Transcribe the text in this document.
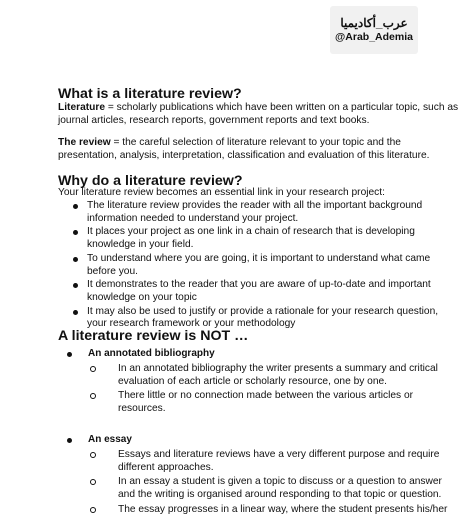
عرب_أكاديميا
@Arab_Ademia
What is a literature review?

Literature = scholarly publications which have been written on a particular topic, such as journal articles, research reports, government reports and text books.

The review = the careful selection of literature relevant to your topic and the presentation, analysis, interpretation, classification and evaluation of this literature.

Why do a literature review?

Your literature review becomes an essential link in your research project:

The literature review provides the reader with all the important background information needed to understand your project.
It places your project as one link in a chain of research that is developing knowledge in your field.
To understand where you are going, it is important to understand what came before you.
It demonstrates to the reader that you are aware of up-to-date and important knowledge on your topic
It may also be used to justify or provide a rationale for your research question, your research framework or your methodology
A literature review is NOT …
An annotated bibliography
In an annotated bibliography the writer presents a summary and critical evaluation of each article or scholarly resource, one by one.
There little or no connection made between the various articles or resources.
An essay
Essays and literature reviews have a very different purpose and require different approaches.
In an essay a student is given a topic to discuss or a question to answer and the writing is organised around responding to that topic or question.
The essay progresses in a linear way, where the student presents his/her
